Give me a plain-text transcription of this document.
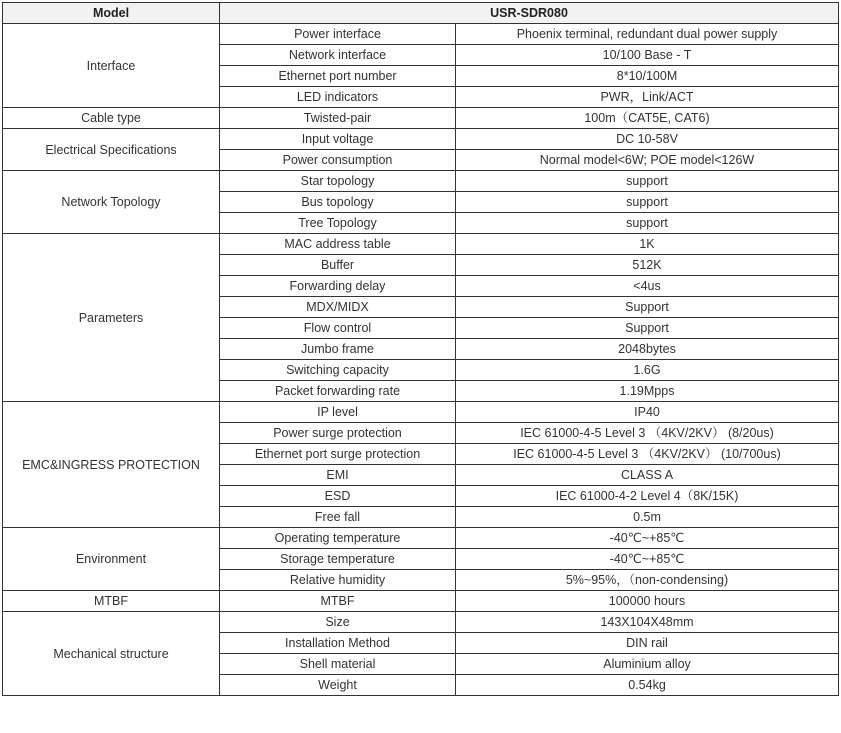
Model	USR-SDR080	
Interface	Power interface	Phoenix terminal, redundant dual power supply
	Network interface	10/100 Base - T
	Ethernet port number	8*10/100M
	LED indicators	PWR，Link/ACT
Cable type	Twisted-pair	100m（CAT5E, CAT6)
Electrical Specifications	Input voltage	DC 10-58V
	Power consumption	Normal model<6W; POE model<126W
Network Topology	Star topology	support
	Bus topology	support
	Tree Topology	support
Parameters	MAC address table	1K
	Buffer	512K
	Forwarding delay	<4us
	MDX/MIDX	Support
	Flow control	Support
	Jumbo frame	2048bytes
	Switching capacity	1.6G
	Packet forwarding rate	1.19Mpps
EMC&INGRESS PROTECTION	IP level	IP40
	Power surge protection	IEC 61000-4-5 Level 3 （4KV/2KV） (8/20us)
	Ethernet port surge protection	IEC 61000-4-5 Level 3 （4KV/2KV） (10/700us)
	EMI	CLASS A
	ESD	IEC 61000-4-2 Level 4（8K/15K)
	Free fall	0.5m
Environment	Operating temperature	-40℃~+85℃
	Storage temperature	-40℃~+85℃
	Relative humidity	5%~95%，（non-condensing)
MTBF	MTBF	100000 hours
Mechanical structure	Size	143X104X48mm
	Installation Method	DIN rail
	Shell material	Aluminium alloy
	Weight	0.54kg
